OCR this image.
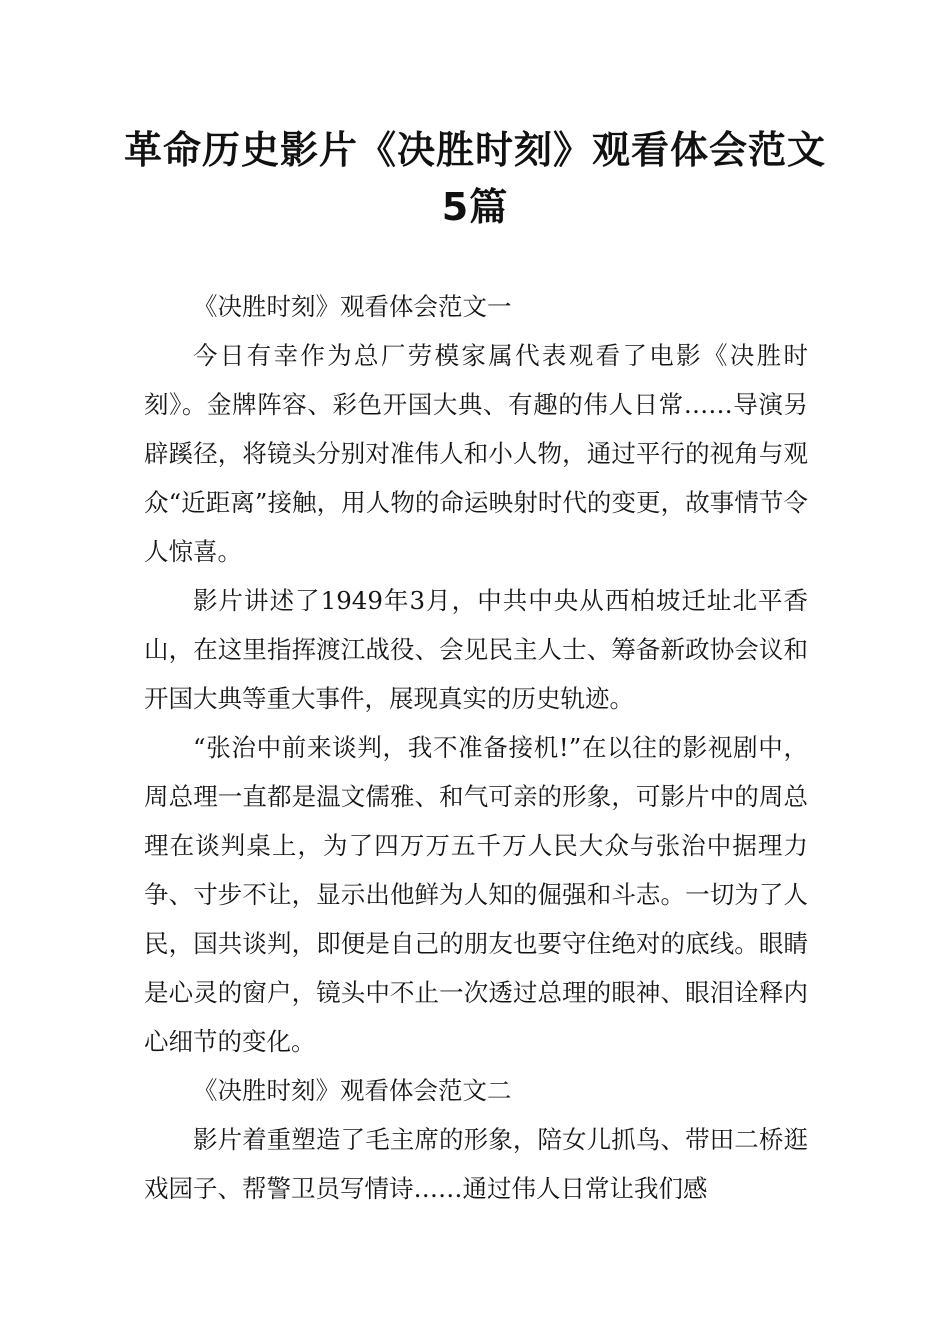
革命历史影片《决胜时刻》观看体会范文5篇

《决胜时刻》观看体会范文一

今日有幸作为总厂劳模家属代表观看了电影《决胜时刻》。金牌阵容、彩色开国大典、有趣的伟人日常……导演另辟蹊径，将镜头分别对准伟人和小人物，通过平行的视角与观众“近距离”接触，用人物的命运映射时代的变更，故事情节令人惊喜。

影片讲述了1949年3月，中共中央从西柏坡迁址北平香山，在这里指挥渡江战役、会见民主人士、筹备新政协会议和开国大典等重大事件，展现真实的历史轨迹。

“张治中前来谈判，我不准备接机!”在以往的影视剧中，周总理一直都是温文儒雅、和气可亲的形象，可影片中的周总理在谈判桌上，为了四万万五千万人民大众与张治中据理力争、寸步不让，显示出他鲜为人知的倔强和斗志。一切为了人民，国共谈判，即便是自己的朋友也要守住绝对的底线。眼睛是心灵的窗户，镜头中不止一次透过总理的眼神、眼泪诠释内心细节的变化。

《决胜时刻》观看体会范文二

影片着重塑造了毛主席的形象，陪女儿抓鸟、带田二桥逛戏园子、帮警卫员写情诗……通过伟人日常让我们感
